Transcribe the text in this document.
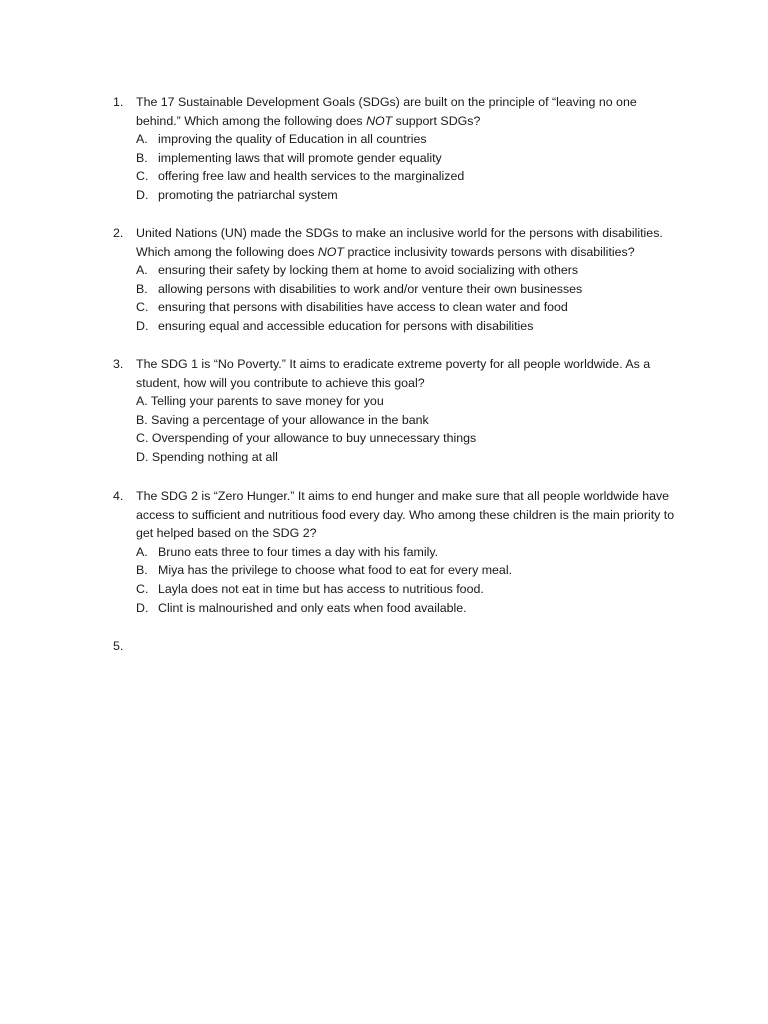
1. The 17 Sustainable Development Goals (SDGs) are built on the principle of “leaving no one behind.” Which among the following does NOT support SDGs?
A. improving the quality of Education in all countries
B. implementing laws that will promote gender equality
C. offering free law and health services to the marginalized
D. promoting the patriarchal system
2. United Nations (UN) made the SDGs to make an inclusive world for the persons with disabilities. Which among the following does NOT practice inclusivity towards persons with disabilities?
A. ensuring their safety by locking them at home to avoid socializing with others
B. allowing persons with disabilities to work and/or venture their own businesses
C. ensuring that persons with disabilities have access to clean water and food
D. ensuring equal and accessible education for persons with disabilities
3. The SDG 1 is “No Poverty.” It aims to eradicate extreme poverty for all people worldwide. As a student, how will you contribute to achieve this goal?
A. Telling your parents to save money for you
B. Saving a percentage of your allowance in the bank
C. Overspending of your allowance to buy unnecessary things
D. Spending nothing at all
4. The SDG 2 is “Zero Hunger.” It aims to end hunger and make sure that all people worldwide have access to sufficient and nutritious food every day. Who among these children is the main priority to get helped based on the SDG 2?
A. Bruno eats three to four times a day with his family.
B. Miya has the privilege to choose what food to eat for every meal.
C. Layla does not eat in time but has access to nutritious food.
D. Clint is malnourished and only eats when food available.
5.
